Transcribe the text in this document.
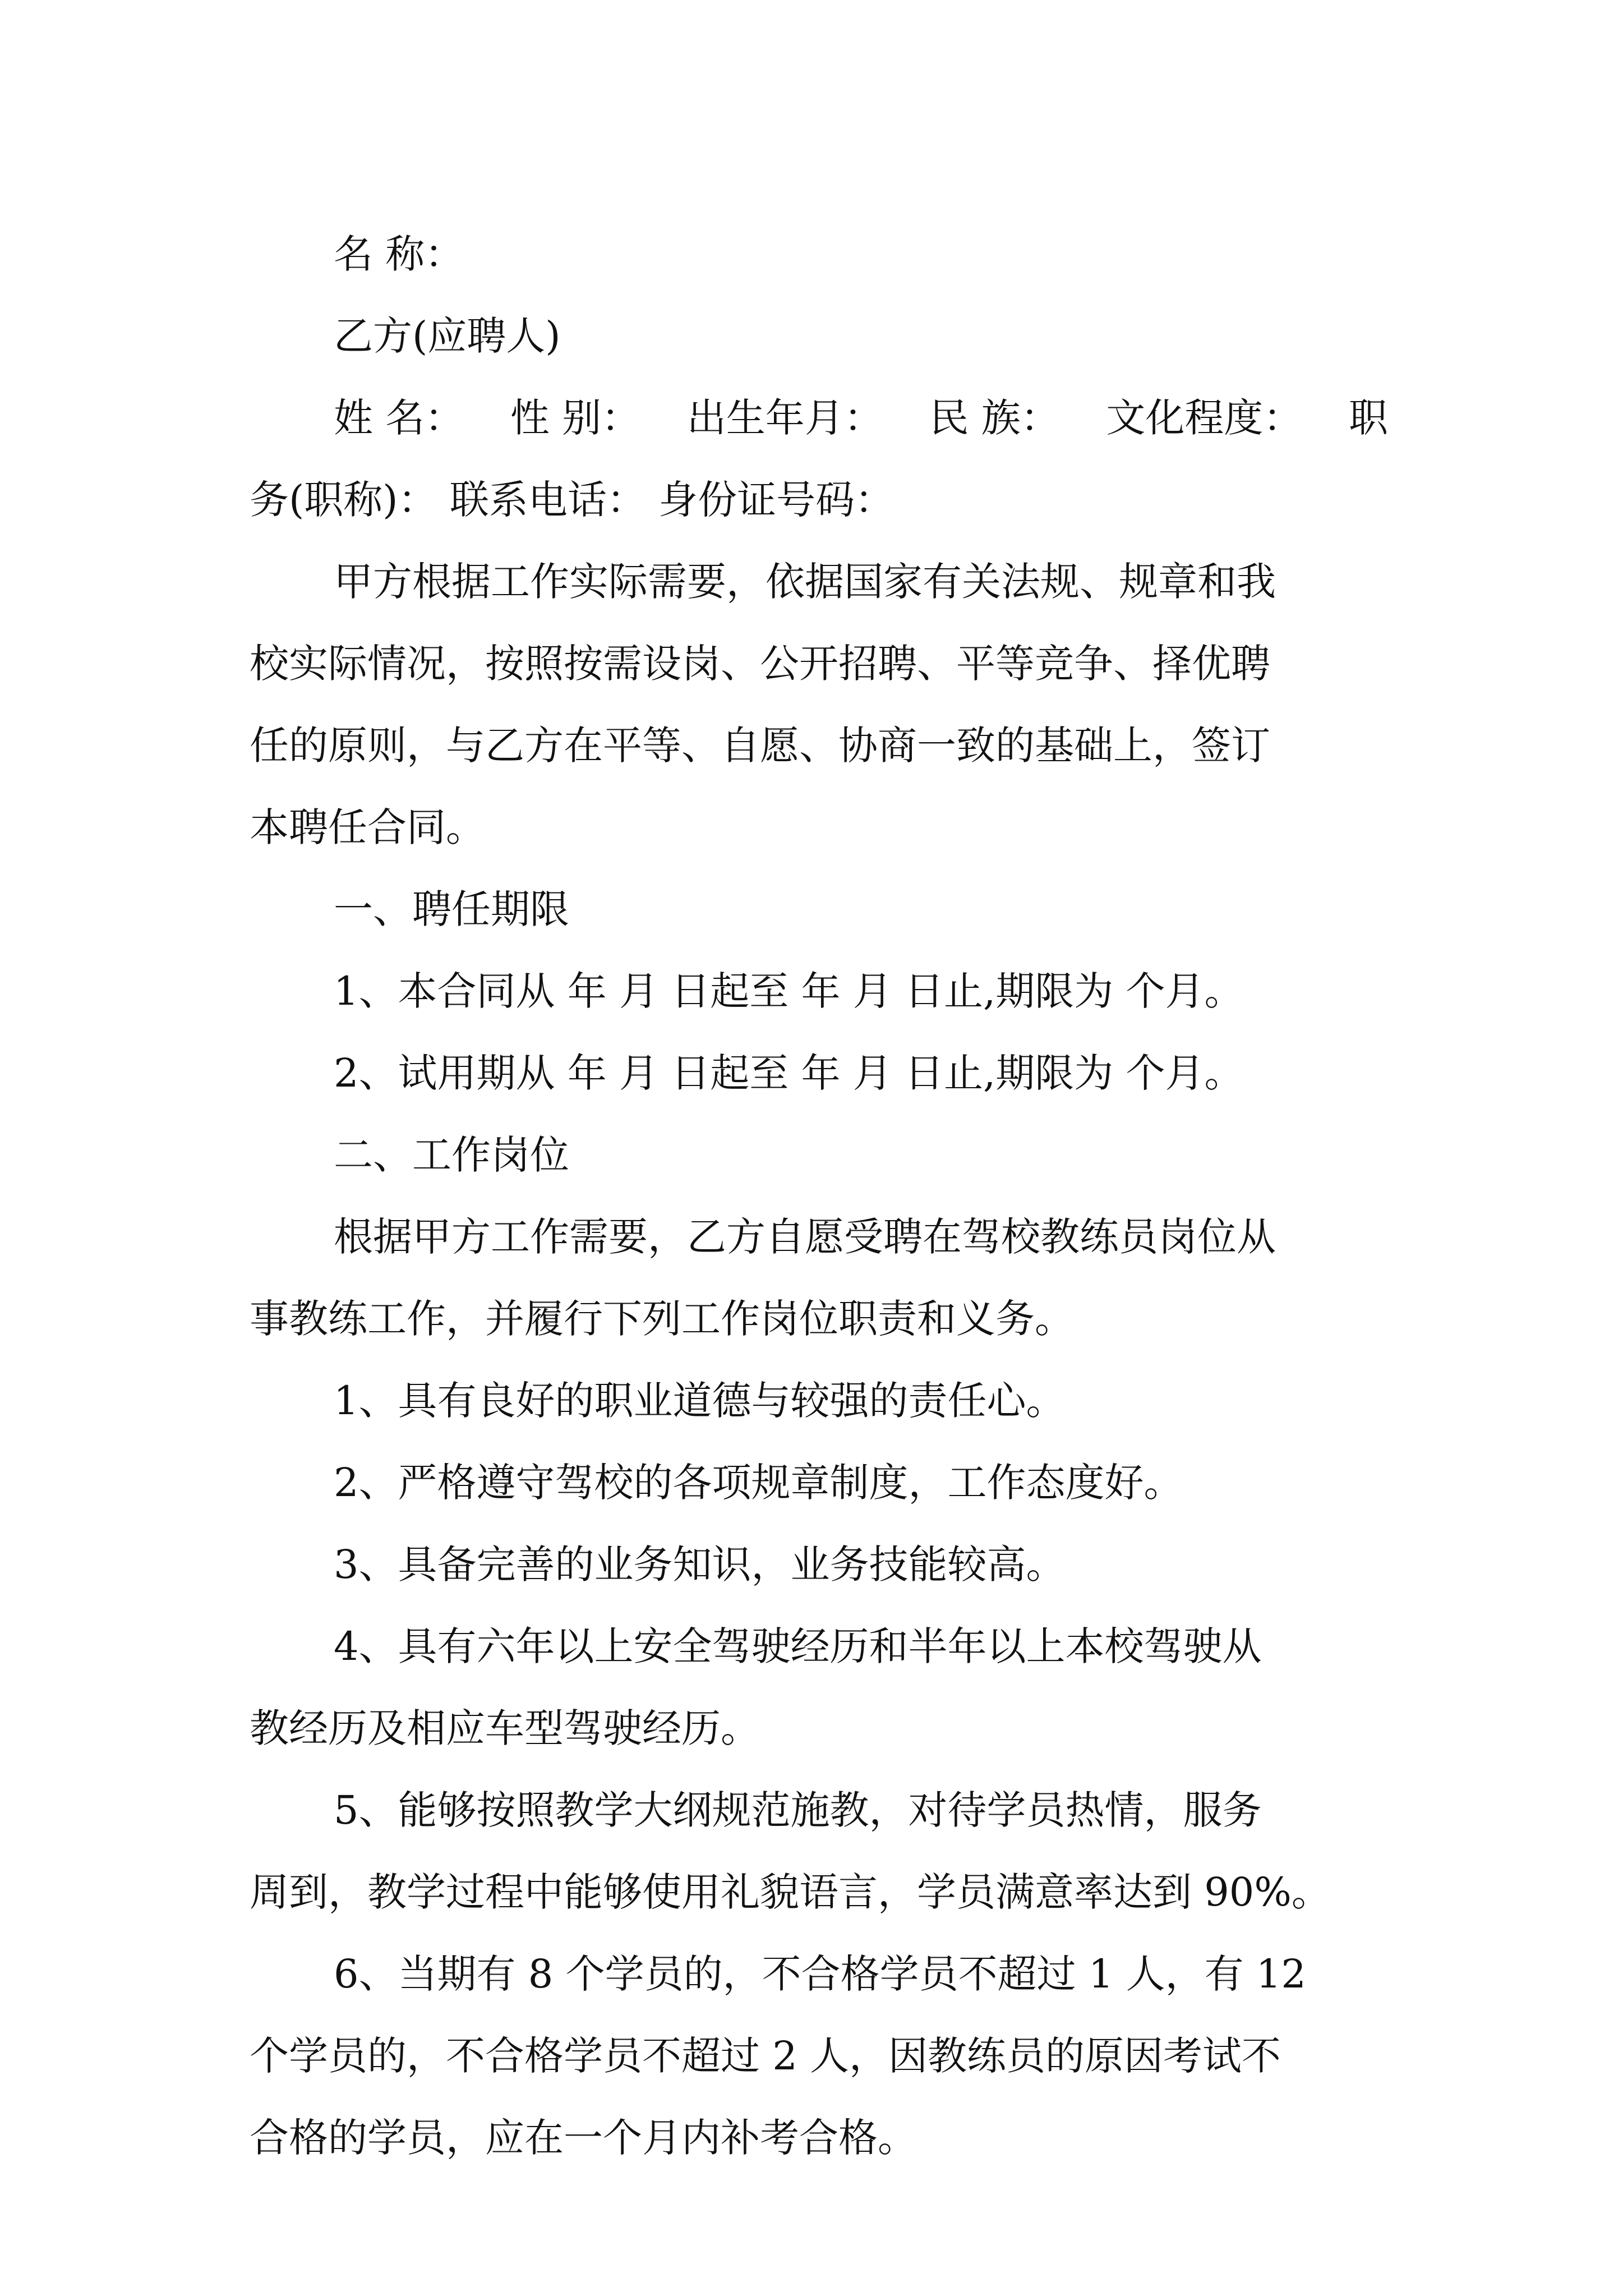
名 称：
乙方(应聘人)
姓 名： 性 别： 出生年月： 民 族： 文化程度： 职
务(职称)： 联系电话： 身份证号码：
甲方根据工作实际需要，依据国家有关法规、规章和我
校实际情况，按照按需设岗、公开招聘、平等竞争、择优聘
任的原则，与乙方在平等、自愿、协商一致的基础上，签订
本聘任合同。
一、聘任期限
1、本合同从 年 月 日起至 年 月 日止,期限为 个月。
2、试用期从 年 月 日起至 年 月 日止,期限为 个月。
二、工作岗位
根据甲方工作需要，乙方自愿受聘在驾校教练员岗位从
事教练工作，并履行下列工作岗位职责和义务。
1、具有良好的职业道德与较强的责任心。
2、严格遵守驾校的各项规章制度，工作态度好。
3、具备完善的业务知识，业务技能较高。
4、具有六年以上安全驾驶经历和半年以上本校驾驶从
教经历及相应车型驾驶经历。
5、能够按照教学大纲规范施教，对待学员热情，服务
周到，教学过程中能够使用礼貌语言，学员满意率达到 90%。
6、当期有 8 个学员的，不合格学员不超过 1 人，有 12
个学员的，不合格学员不超过 2 人，因教练员的原因考试不
合格的学员，应在一个月内补考合格。
